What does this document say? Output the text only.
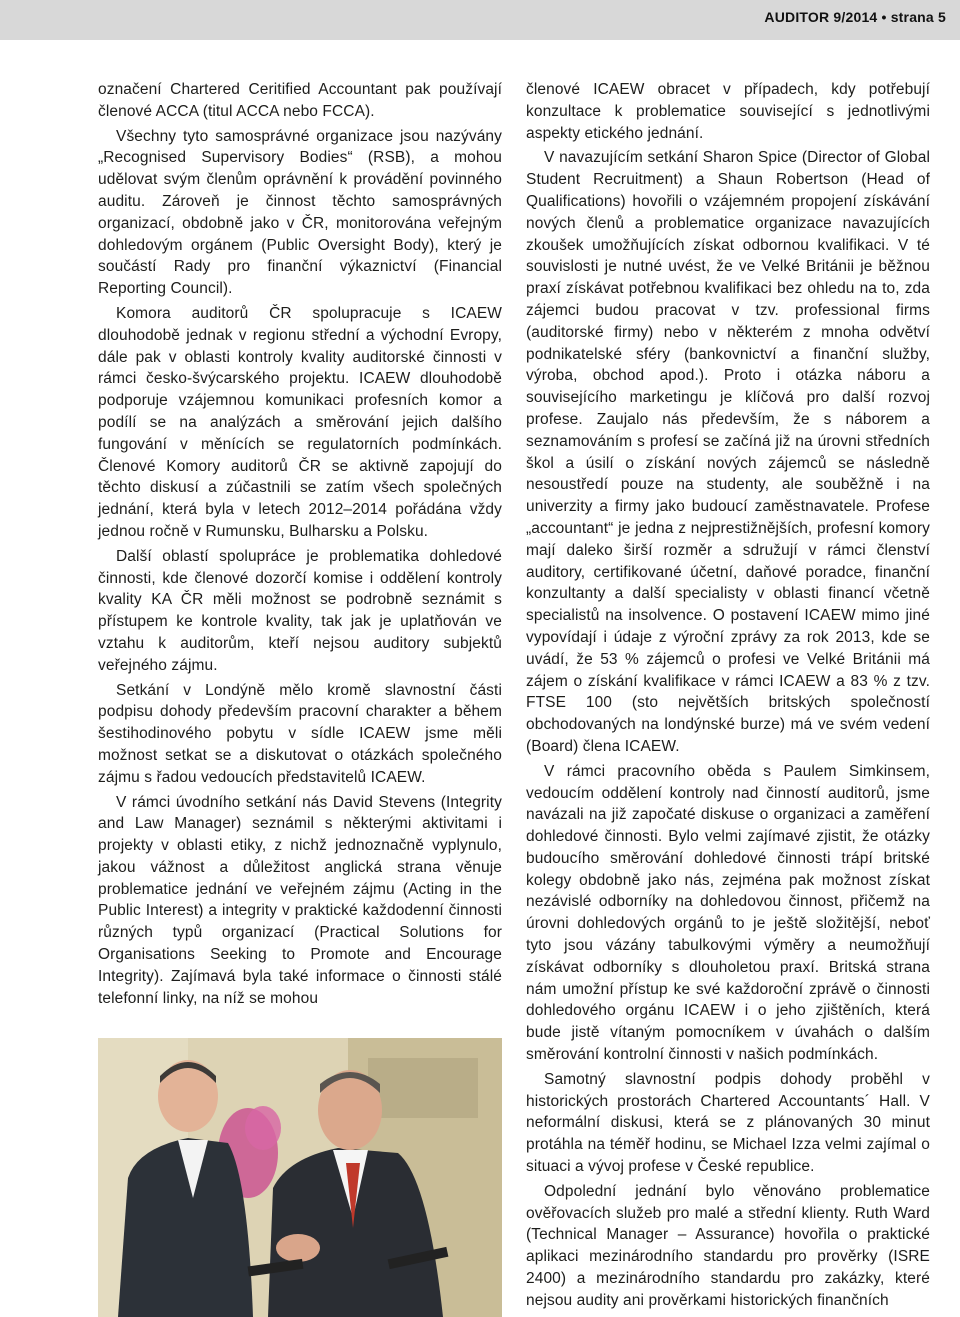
AUDITOR 9/2014 • strana 5

označení Chartered Ceritified Accountant pak používají členové ACCA (titul ACCA nebo FCCA).

Všechny tyto samosprávné organizace jsou nazývány „Recognised Supervisory Bodies“ (RSB), a mohou udělovat svým členům oprávnění k provádění povinného auditu. Zároveň je činnost těchto samosprávných organizací, obdobně jako v ČR, monitorována veřejným dohledovým orgánem (Public Oversight Body), který je součástí Rady pro finanční výkaznictví (Financial Reporting Council).

Komora auditorů ČR spolupracuje s ICAEW dlouhodobě jednak v regionu střední a východní Evropy, dále pak v oblasti kontroly kvality auditorské činnosti v rámci česko-švýcarského projektu. ICAEW dlouhodobě podporuje vzájemnou komunikaci profesních komor a podílí se na analýzách a směrování jejich dalšího fungování v měnících se regulatorních podmínkách. Členové Komory auditorů ČR se aktivně zapojují do těchto diskusí a zúčastnili se zatím všech společných jednání, která byla v letech 2012–2014 pořádána vždy jednou ročně v Rumunsku, Bulharsku a Polsku.

Další oblastí spolupráce je problematika dohledové činnosti, kde členové dozorčí komise i oddělení kontroly kvality KA ČR měli možnost se podrobně seznámit s přístupem ke kontrole kvality, tak jak je uplatňován ve vztahu k auditorům, kteří nejsou auditory subjektů veřejného zájmu.

Setkání v Londýně mělo kromě slavnostní části podpisu dohody především pracovní charakter a během šestihodinového pobytu v sídle ICAEW jsme měli možnost setkat se a diskutovat o otázkách společného zájmu s řadou vedoucích představitelů ICAEW.

V rámci úvodního setkání nás David Stevens (Integrity and Law Manager) seznámil s některými aktivitami i projekty v oblasti etiky, z nichž jednoznačně vyplynulo, jakou vážnost a důležitost anglická strana věnuje problematice jednání ve veřejném zájmu (Acting in the Public Interest) a integrity v praktické každodenní činnosti různých typů organizací (Practical Solutions for Organisations Seeking to Promote and Encourage Integrity). Zajímavá byla také informace o činnosti stálé telefonní linky, na níž se mohou

členové ICAEW obracet v případech, kdy potřebují konzultace k problematice související s jednotlivými aspekty etického jednání.

V navazujícím setkání Sharon Spice (Director of Global Student Recruitment) a Shaun Robertson (Head of Qualifications) hovořili o vzájemném propojení získávání nových členů a problematice organizace navazujících zkoušek umožňujících získat odbornou kvalifikaci. V té souvislosti je nutné uvést, že ve Velké Británii je běžnou praxí získávat potřebnou kvalifikaci bez ohledu na to, zda zájemci budou pracovat v tzv. professional firms (auditorské firmy) nebo v některém z mnoha odvětví podnikatelské sféry (bankovnictví a finanční služby, výroba, obchod apod.). Proto i otázka náboru a souvisejícího marketingu je klíčová pro další rozvoj profese. Zaujalo nás především, že s náborem a seznamováním s profesí se začíná již na úrovni středních škol a úsilí o získání nových zájemců se následně nesoustředí pouze na studenty, ale souběžně i na univerzity a firmy jako budoucí zaměstnavatele. Profese „accountant“ je jedna z nejprestižnějších, profesní komory mají daleko širší rozměr a sdružují v rámci členství auditory, certifikované účetní, daňové poradce, finanční konzultanty a další specialisty v oblasti financí včetně specialistů na insolvence. O postavení ICAEW mimo jiné vypovídají i údaje z výroční zprávy za rok 2013, kde se uvádí, že 53 % zájemců o profesi ve Velké Británii má zájem o získání kvalifikace v rámci ICAEW a 83 % z tzv. FTSE 100 (sto největších britských společností obchodovaných na londýnské burze) má ve svém vedení (Board) člena ICAEW.

V rámci pracovního oběda s Paulem Simkinsem, vedoucím oddělení kontroly nad činností auditorů, jsme navázali na již započaté diskuse o organizaci a zaměření dohledové činnosti. Bylo velmi zajímavé zjistit, že otázky budoucího směrování dohledové činnosti trápí britské kolegy obdobně jako nás, zejména pak možnost získat nezávislé odborníky na dohledovou činnost, přičemž na úrovni dohledových orgánů to je ještě složitější, neboť tyto jsou vázány tabulkovými výměry a neumožňují získávat odborníky s dlouholetou praxí. Britská strana nám umožní přístup ke své každoroční zprávě o činnosti dohledového orgánu ICAEW i o jeho zjištěních, která bude jistě vítaným pomocníkem v úvahách o dalším směrování kontrolní činnosti v našich podmínkách.

Samotný slavnostní podpis dohody proběhl v historických prostorách Chartered Accountants´ Hall. V neformální diskusi, která se z plánovaných 30 minut protáhla na téměř hodinu, se Michael Izza velmi zajímal o situaci a vývoj profese v České republice.

Odpolední jednání bylo věnováno problematice ověřovacích služeb pro malé a střední klienty. Ruth Ward (Technical Manager – Assurance) hovořila o praktické aplikaci mezinárodního standardu pro prověrky (ISRE 2400) a mezinárodního standardu pro zakázky, které nejsou audity ani prověrkami historických finančních
